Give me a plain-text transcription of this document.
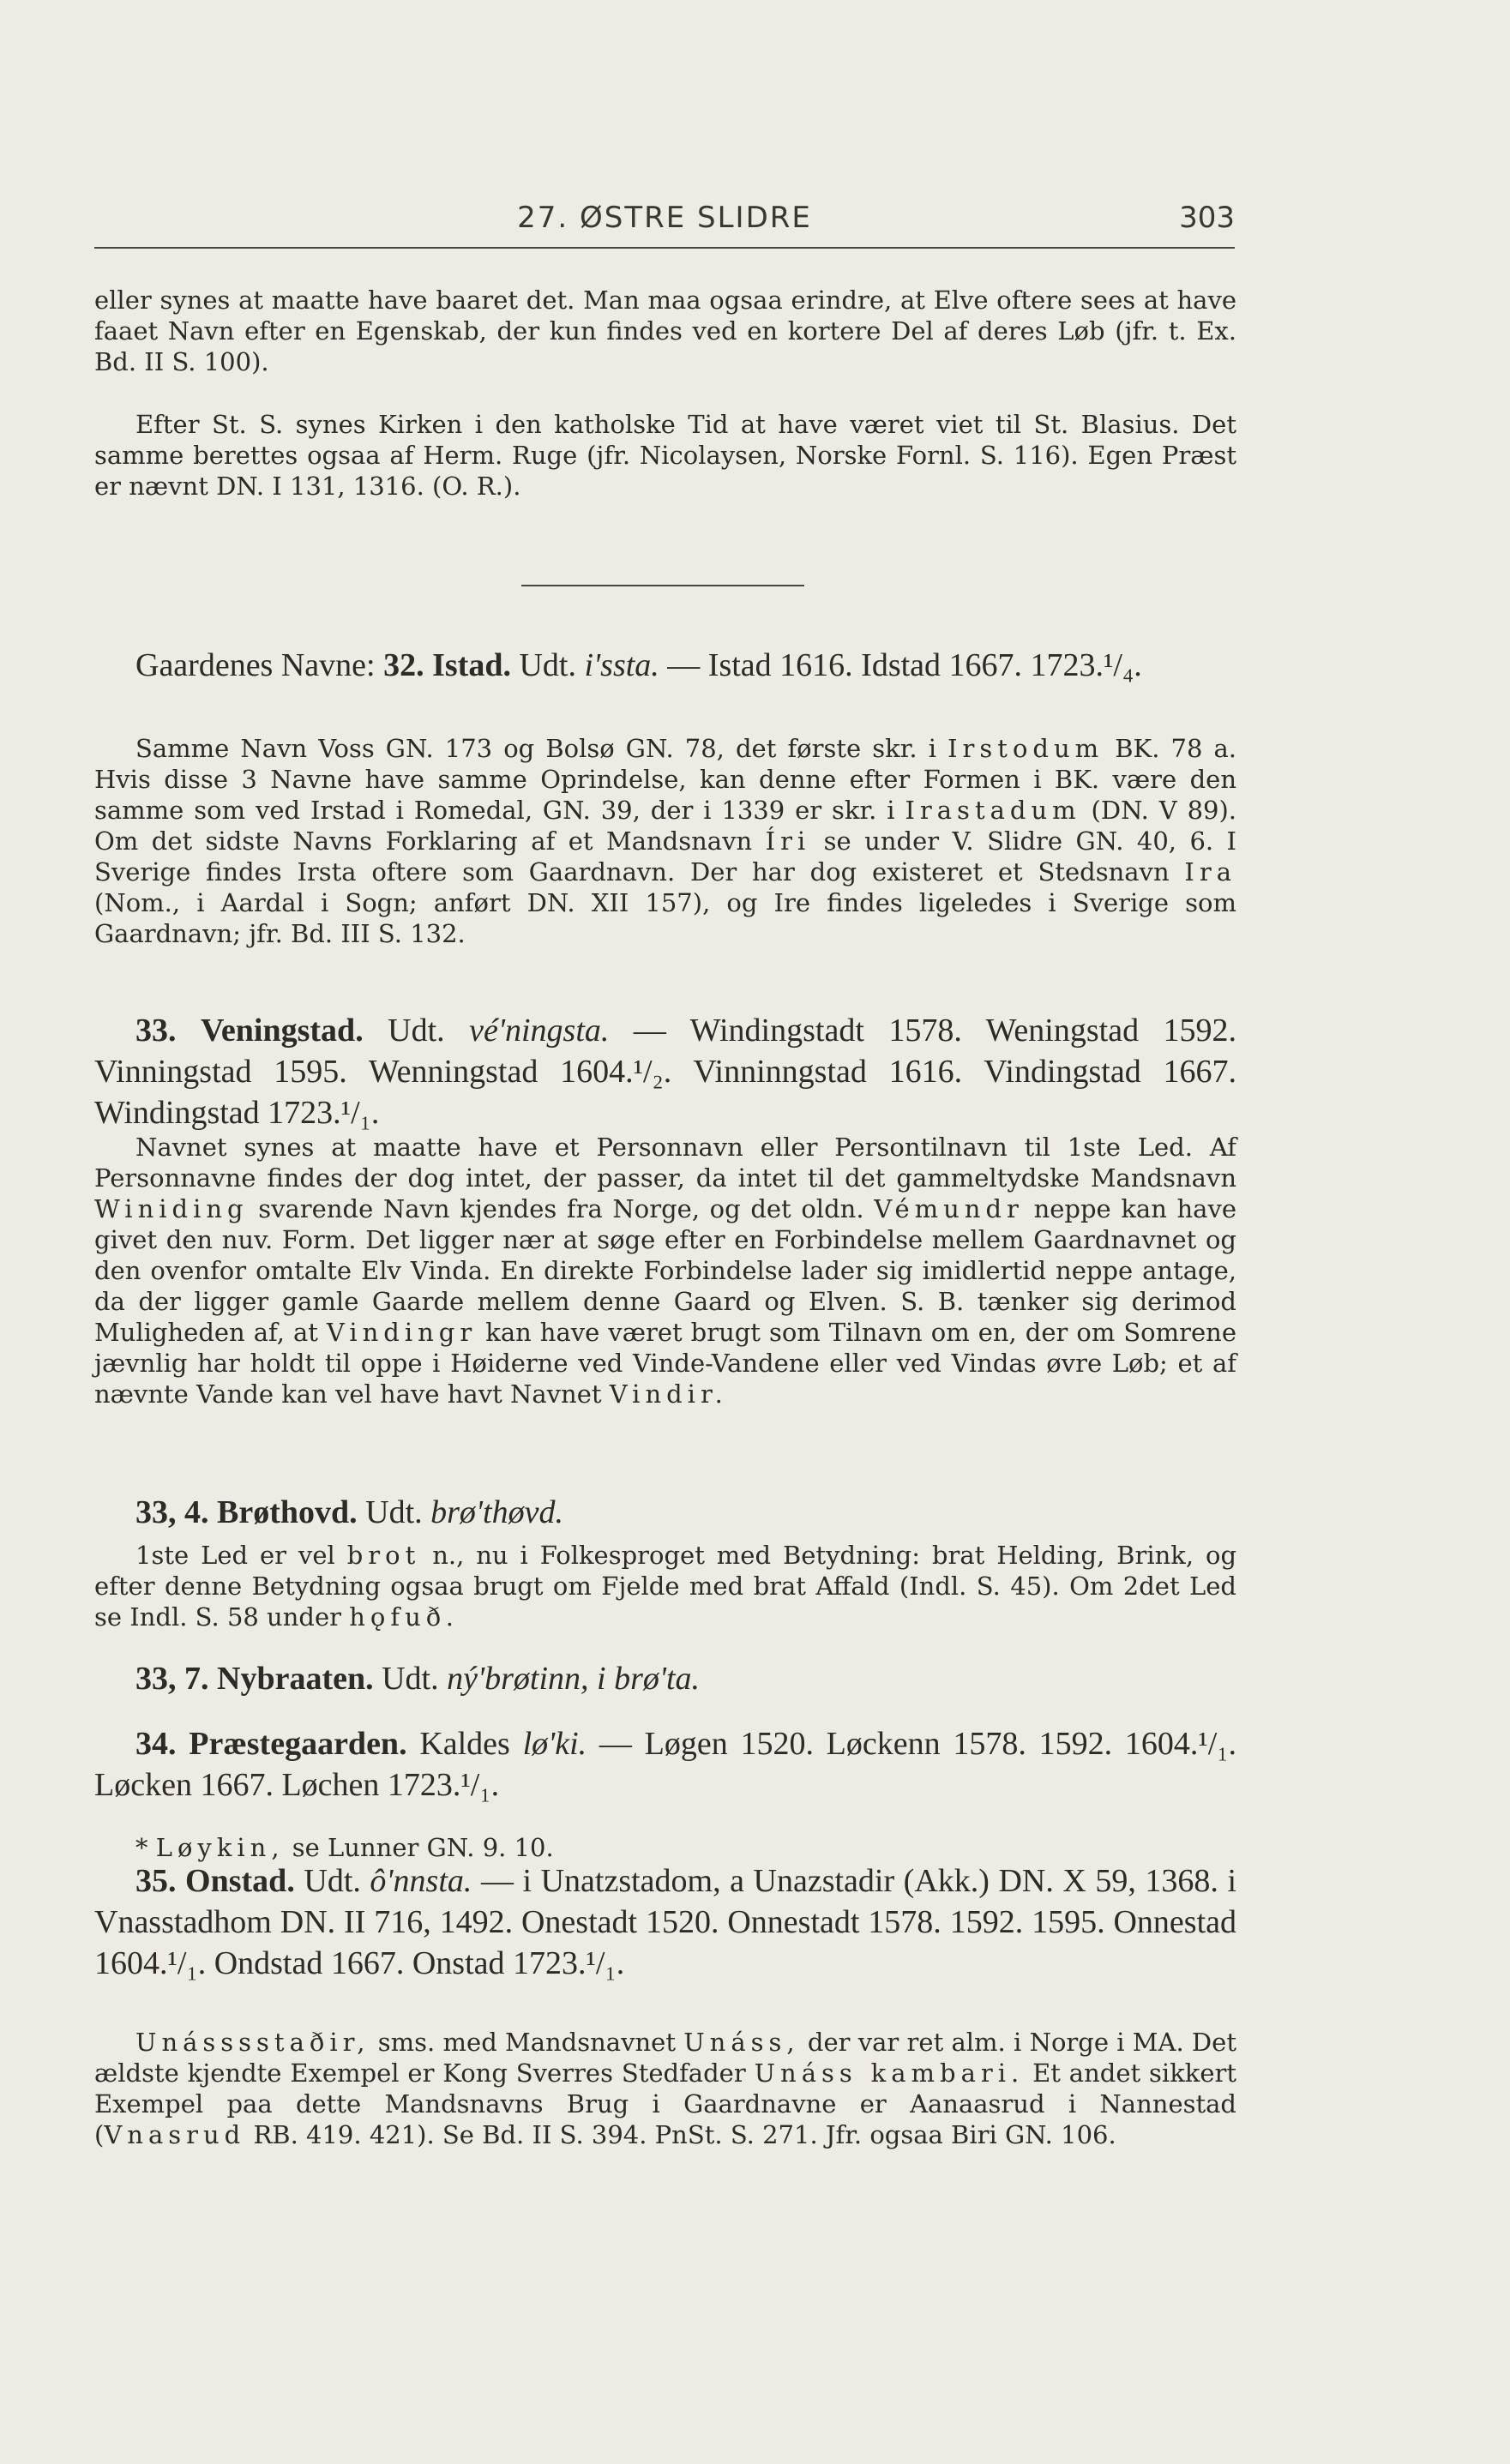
27. ØSTRE SLIDRE	303

eller synes at maatte have baaret det. Man maa ogsaa erindre, at Elve oftere sees at have faaet Navn efter en Egenskab, der kun findes ved en kortere Del af deres Løb (jfr. t. Ex. Bd. II S. 100).

Efter St. S. synes Kirken i den katholske Tid at have været viet til St. Blasius. Det samme berettes ogsaa af Herm. Ruge (jfr. Nicolaysen, Norske Fornl. S. 116). Egen Præst er nævnt DN. I 131, 1316. (O. R.).

Gaardenes Navne: 32. Istad. Udt. i'ssta. — Istad 1616. Idstad 1667. 1723.¹/₄.

Samme Navn Voss GN. 173 og Bolsø GN. 78, det første skr. i Irstodum BK. 78 a. Hvis disse 3 Navne have samme Oprindelse, kan denne efter Formen i BK. være den samme som ved Irstad i Romedal, GN. 39, der i 1339 er skr. i Irastadum (DN. V 89). Om det sidste Navns Forklaring af et Mandsnavn Íri se under V. Slidre GN. 40, 6. I Sverige findes Irsta oftere som Gaardnavn. Der har dog existeret et Stedsnavn Ira (Nom., i Aardal i Sogn; anført DN. XII 157), og Ire findes ligeledes i Sverige som Gaardnavn; jfr. Bd. III S. 132.

33. Veningstad. Udt. vé'ningsta. — Windingstadt 1578. Weningstad 1592. Vinningstad 1595. Wenningstad 1604.¹/₂. Vinninngstad 1616. Vindingstad 1667. Windingstad 1723.¹/₁.

Navnet synes at maatte have et Personnavn eller Persontilnavn til 1ste Led. Af Personnavne findes der dog intet, der passer, da intet til det gammeltydske Mandsnavn Winiding svarende Navn kjendes fra Norge, og det oldn. Vémundr neppe kan have givet den nuv. Form. Det ligger nær at søge efter en Forbindelse mellem Gaardnavnet og den ovenfor omtalte Elv Vinda. En direkte Forbindelse lader sig imidlertid neppe antage, da der ligger gamle Gaarde mellem denne Gaard og Elven. S. B. tænker sig derimod Muligheden af, at Vindingr kan have været brugt som Tilnavn om en, der om Somrene jævnlig har holdt til oppe i Høiderne ved Vinde-Vandene eller ved Vindas øvre Løb; et af nævnte Vande kan vel have havt Navnet Vindir.

33, 4. Brøthovd. Udt. brø'thøvd.

1ste Led er vel brot n., nu i Folkesproget med Betydning: brat Helding, Brink, og efter denne Betydning ogsaa brugt om Fjelde med brat Affald (Indl. S. 45). Om 2det Led se Indl. S. 58 under hǫfuð.

33, 7. Nybraaten. Udt. ný'brøtinn, i brø'ta.

34. Præstegaarden. Kaldes lø'ki. — Løgen 1520. Løckenn 1578. 1592. 1604.¹/₁. Løcken 1667. Løchen 1723.¹/₁.

* Løykin, se Lunner GN. 9. 10.

35. Onstad. Udt. ô'nnsta. — i Unatzstadom, a Unazstadir (Akk.) DN. X 59, 1368. i Vnasstadhom DN. II 716, 1492. Onestadt 1520. Onnestadt 1578. 1592. 1595. Onnestad 1604.¹/₁. Ondstad 1667. Onstad 1723.¹/₁.

Unásssstaðir, sms. med Mandsnavnet Unáss, der var ret alm. i Norge i MA. Det ældste kjendte Exempel er Kong Sverres Stedfader Unáss kambari. Et andet sikkert Exempel paa dette Mandsnavns Brug i Gaardnavne er Aanaasrud i Nannestad (Vnasrud RB. 419. 421). Se Bd. II S. 394. PnSt. S. 271. Jfr. ogsaa Biri GN. 106.
